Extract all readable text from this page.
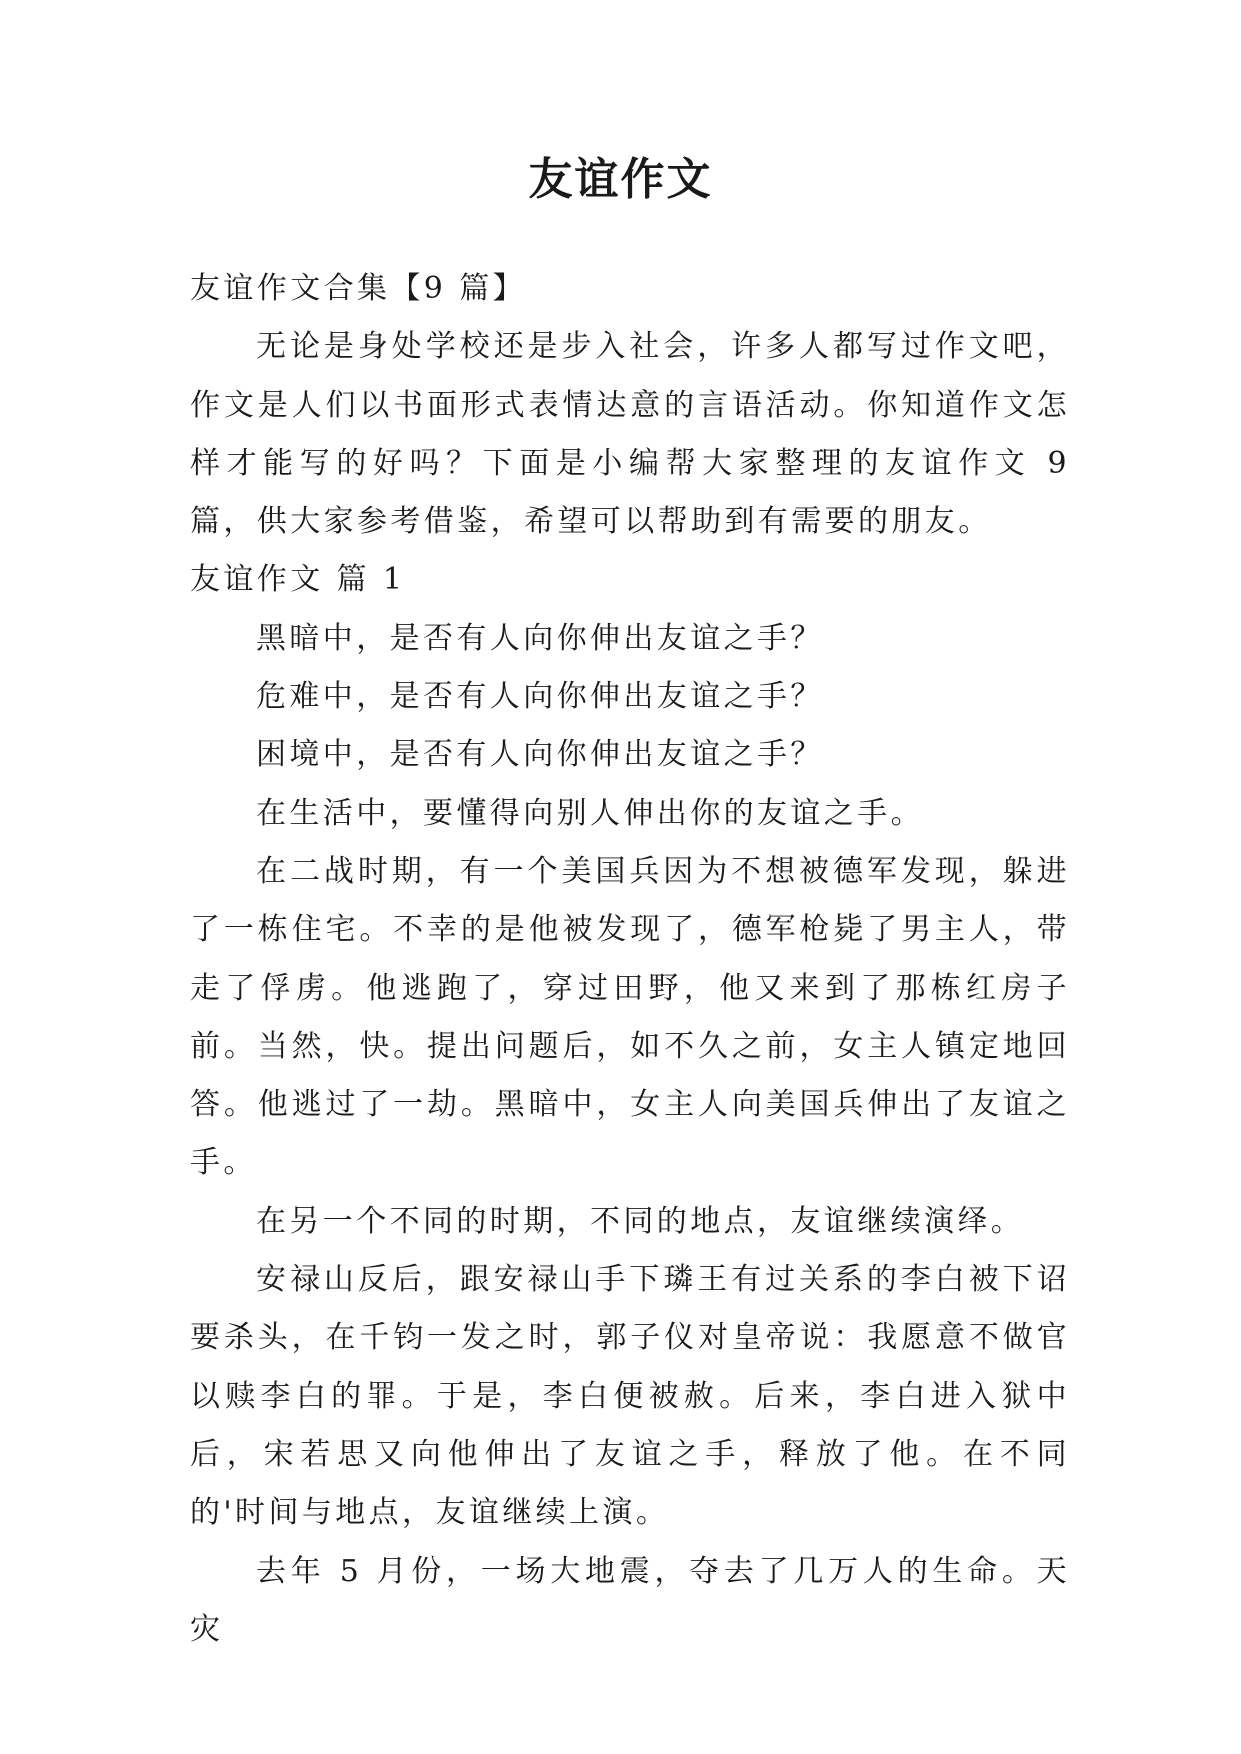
友谊作文

友谊作文合集【9 篇】

无论是身处学校还是步入社会，许多人都写过作文吧，作文是人们以书面形式表情达意的言语活动。你知道作文怎样才能写的好吗？下面是小编帮大家整理的友谊作文 9 篇，供大家参考借鉴，希望可以帮助到有需要的朋友。

友谊作文 篇 1

黑暗中，是否有人向你伸出友谊之手？

危难中，是否有人向你伸出友谊之手？

困境中，是否有人向你伸出友谊之手？

在生活中，要懂得向别人伸出你的友谊之手。

在二战时期，有一个美国兵因为不想被德军发现，躲进了一栋住宅。不幸的是他被发现了，德军枪毙了男主人，带走了俘虏。他逃跑了，穿过田野，他又来到了那栋红房子前。当然，快。提出问题后，如不久之前，女主人镇定地回答。他逃过了一劫。黑暗中，女主人向美国兵伸出了友谊之手。

在另一个不同的时期，不同的地点，友谊继续演绎。

安禄山反后，跟安禄山手下璘王有过关系的李白被下诏要杀头，在千钧一发之时，郭子仪对皇帝说：我愿意不做官以赎李白的罪。于是，李白便被赦。后来，李白进入狱中后，宋若思又向他伸出了友谊之手，释放了他。在不同的'时间与地点，友谊继续上演。

去年 5 月份，一场大地震，夺去了几万人的生命。天灾
